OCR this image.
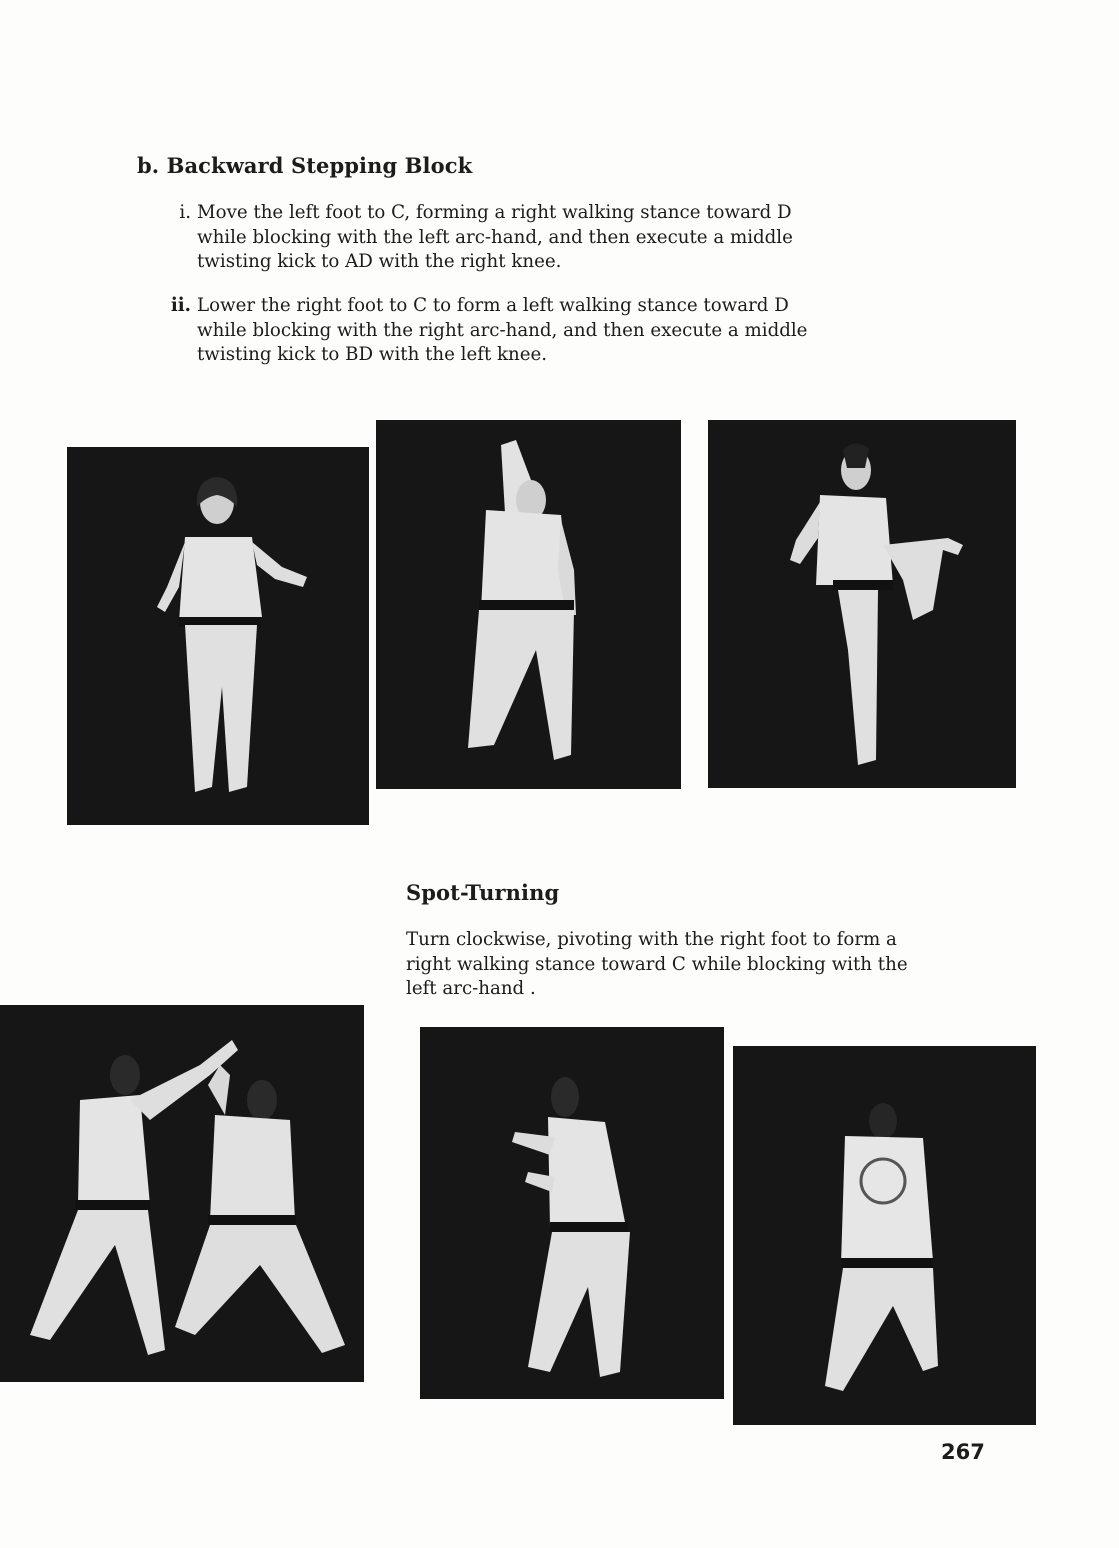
b. Backward Stepping Block
i. Move the left foot to C, forming a right walking stance toward D
while blocking with the left arc-hand, and then execute a middle
twisting kick to AD with the right knee.
ii. Lower the right foot to C to form a left walking stance toward D
while blocking with the right arc-hand, and then execute a middle
twisting kick to BD with the left knee.
Spot-Turning
Turn clockwise, pivoting with the right foot to form a
right walking stance toward C while blocking with the
left arc-hand .
267
